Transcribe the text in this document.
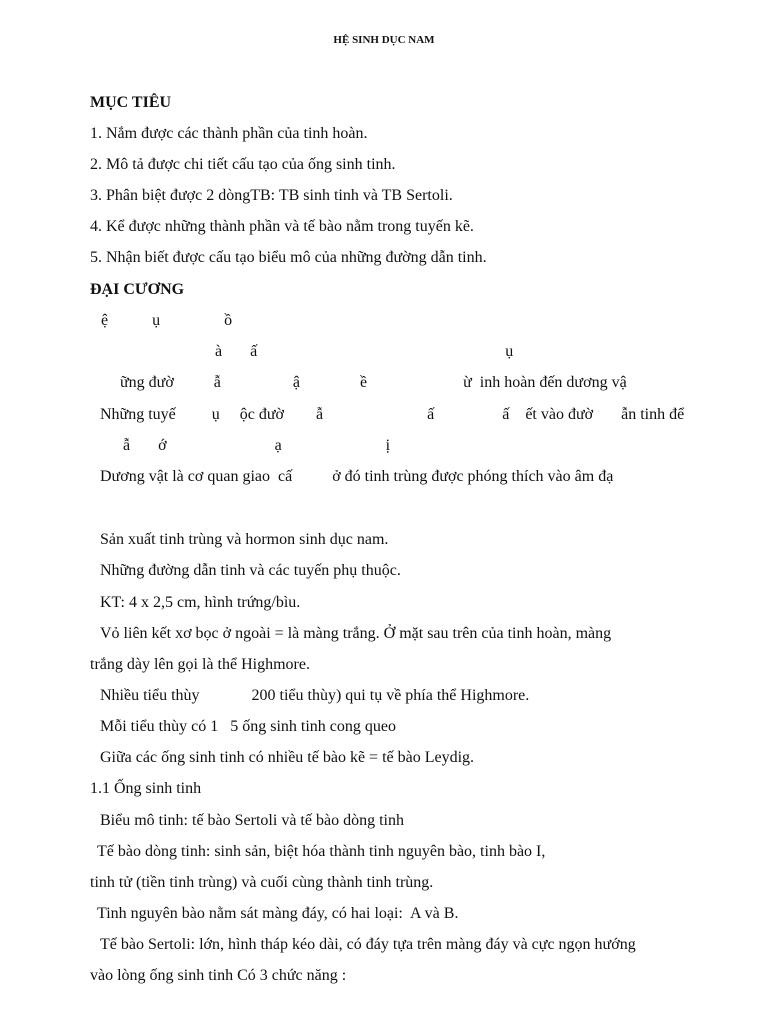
HỆ SINH DỤC NAM
MỤC TIÊU
1. Nắm được các thành phần của tinh hoàn.
2. Mô tả được chi tiết cấu tạo của ống sinh tinh.
3. Phân biệt được 2 dòngTB: TB sinh tinh và TB Sertoli.
4. Kể được những thành phần và tế bào nằm trong tuyến kẽ.
5. Nhận biết được cấu tạo biểu mô của những đường dẫn tinh.
ĐẠI CƯƠNG
ệ           ụ                ồ
à       ấ                                                              ụ
ững đườ          ẫ                  ậ               ề                        ừ  inh hoàn đến dương vậ
Những tuyế         ụ     ộc đườ        ẫ                          ấ                 ấ    ết vào đườ       ẫn tinh để
ẫ       ớ                           ạ                          ị
Dương vật là cơ quan giao  cấ          ở đó tinh trùng được phóng thích vào âm đạ
Sản xuất tinh trùng và hormon sinh dục nam.
Những đường dẫn tinh và các tuyến phụ thuộc.
KT: 4 x 2,5 cm, hình trứng/bìu.
Vỏ liên kết xơ bọc ở ngoài = là màng trắng. Ở mặt sau trên của tinh hoàn, màng
trắng dày lên gọi là thể Highmore.
Nhiều tiểu thùy             200 tiểu thùy) qui tụ về phía thể Highmore.
Mỗi tiểu thùy có 1   5 ống sinh tinh cong queo
Giữa các ống sinh tinh có nhiều tế bào kẽ = tế bào Leydig.
1.1 Ống sinh tinh
Biểu mô tinh: tế bào Sertoli và tế bào dòng tinh
Tế bào dòng tinh: sinh sản, biệt hóa thành tinh nguyên bào, tinh bào I,
tinh tử (tiền tinh trùng) và cuối cùng thành tinh trùng.
Tinh nguyên bào nằm sát màng đáy, có hai loại:  A và B.
Tế bào Sertoli: lớn, hình tháp kéo dài, có đáy tựa trên màng đáy và cực ngọn hướng
vào lòng ống sinh tinh Có 3 chức năng :
